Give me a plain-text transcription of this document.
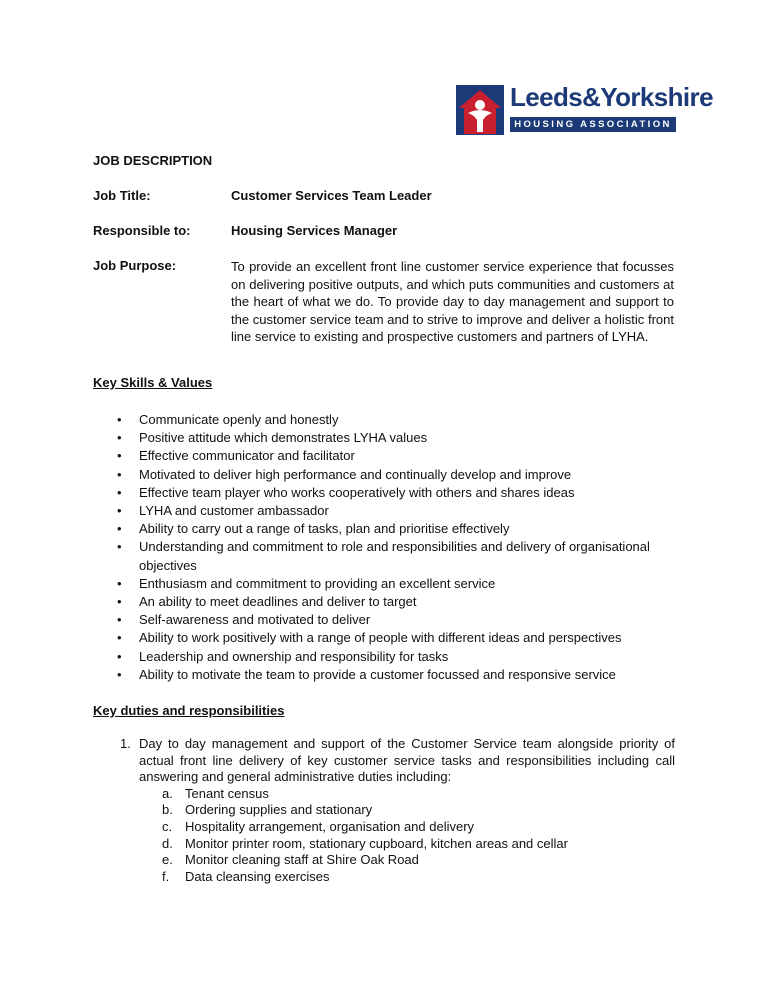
Leeds&Yorkshire
HOUSING ASSOCIATION
JOB DESCRIPTION
Job Title:	Customer Services Team Leader
Responsible to:	Housing Services Manager
Job Purpose:	To provide an excellent front line customer service experience that focusses on delivering positive outputs, and which puts communities and customers at the heart of what we do. To provide day to day management and support to the customer service team and to strive to improve and deliver a holistic front line service to existing and prospective customers and partners of LYHA.
Key Skills & Values
• Communicate openly and honestly
• Positive attitude which demonstrates LYHA values
• Effective communicator and facilitator
• Motivated to deliver high performance and continually develop and improve
• Effective team player who works cooperatively with others and shares ideas
• LYHA and customer ambassador
• Ability to carry out a range of tasks, plan and prioritise effectively
• Understanding and commitment to role and responsibilities and delivery of organisational objectives
• Enthusiasm and commitment to providing an excellent service
• An ability to meet deadlines and deliver to target
• Self-awareness and motivated to deliver
• Ability to work positively with a range of people with different ideas and perspectives
• Leadership and ownership and responsibility for tasks
• Ability to motivate the team to provide a customer focussed and responsive service
Key duties and responsibilities
1. Day to day management and support of the Customer Service team alongside priority of actual front line delivery of key customer service tasks and responsibilities including call answering and general administrative duties including:
a. Tenant census
b. Ordering supplies and stationary
c. Hospitality arrangement, organisation and delivery
d. Monitor printer room, stationary cupboard, kitchen areas and cellar
e. Monitor cleaning staff at Shire Oak Road
f. Data cleansing exercises
